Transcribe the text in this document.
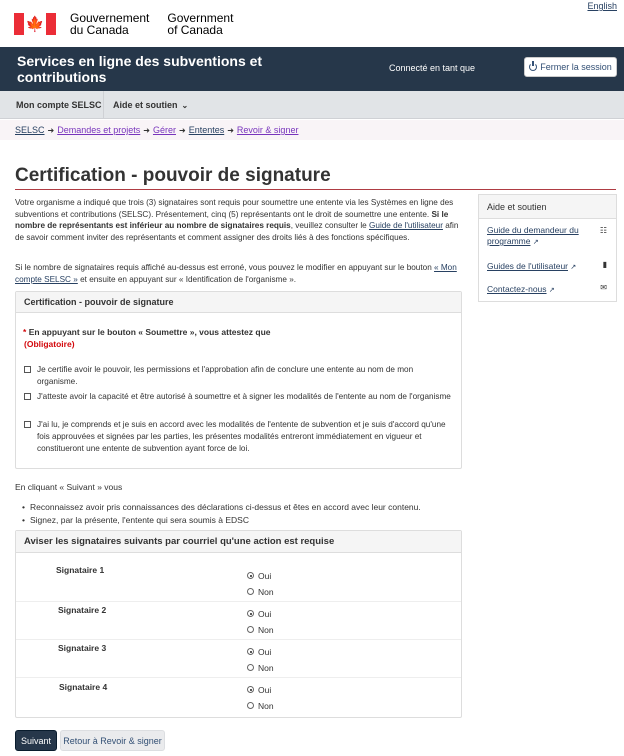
English
🍁 Gouvernement
du Canada
Government
of Canada
Services en ligne des subventions et contributions
Connecté en tant que	Fermer la session
Mon compte SELSC Aide et soutien ⌄
SELSC ➜ Demandes et projets ➜ Gérer ➜ Ententes ➜ Revoir & signer
Certification - pouvoir de signature
Votre organisme a indiqué que trois (3) signataires sont requis pour soumettre une entente via les Systèmes en ligne des subventions et contributions (SELSC). Présentement, cinq (5) représentants ont le droit de soumettre une entente. Si le nombre de représentants est inférieur au nombre de signataires requis, veuillez consulter le Guide de l'utilisateur afin de savoir comment inviter des représentants et comment assigner des droits liés à des fonctions spécifiques.
Si le nombre de signataires requis affiché au-dessus est erroné, vous pouvez le modifier en appuyant sur le bouton « Mon compte SELSC » et ensuite en appuyant sur « Identification de l'organisme ».
Aide et soutien
Guide du demandeur du
programme ↗
☷
Guides de l'utilisateur ↗	▮
Contactez-nous ↗	✉
Certification - pouvoir de signature
* En appuyant sur le bouton « Soumettre », vous attestez que
(Obligatoire)
Je certifie avoir le pouvoir, les permissions et l'approbation afin de conclure une entente au nom de mon organisme.
J'atteste avoir la capacité et être autorisé à soumettre et à signer les modalités de l'entente au nom de l'organisme
J'ai lu, je comprends et je suis en accord avec les modalités de l'entente de subvention et je suis d'accord qu'une fois approuvées et signées par les parties, les présentes modalités entreront immédiatement en vigueur et constitueront une entente de subvention ayant force de loi.
En cliquant « Suivant » vous
• Reconnaissez avoir pris connaissances des déclarations ci-dessus et êtes en accord avec leur contenu.
• Signez, par la présente, l'entente qui sera soumis à EDSC
Aviser les signataires suivants par courriel qu'une action est requise
Signataire 1
Oui
Non
Signataire 2	Oui
Non
Signataire 3	Oui
Non
Signataire 4	Oui
Non
Suivant	Retour à Revoir & signer
